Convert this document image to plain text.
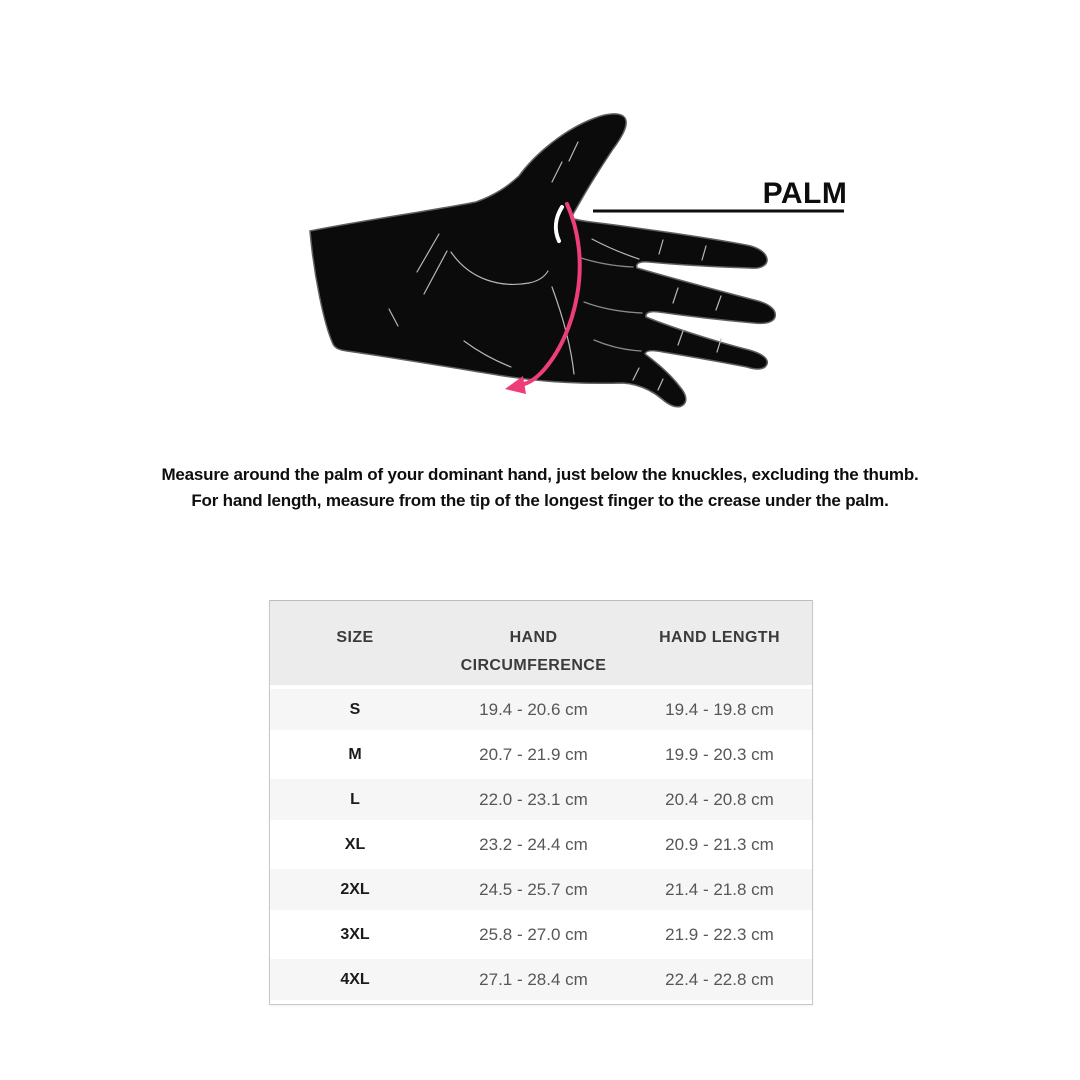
PALM
Measure around the palm of your dominant hand, just below the knuckles, excluding the thumb.
For hand length, measure from the tip of the longest finger to the crease under the palm.
SIZE	HAND CIRCUMFERENCE	HAND LENGTH
S	19.4 - 20.6 cm	19.4 - 19.8 cm
M	20.7 - 21.9 cm	19.9 - 20.3 cm
L	22.0 - 23.1 cm	20.4 - 20.8 cm
XL	23.2 - 24.4 cm	20.9 - 21.3 cm
2XL	24.5 - 25.7 cm	21.4 - 21.8 cm
3XL	25.8 - 27.0 cm	21.9 - 22.3 cm
4XL	27.1 - 28.4 cm	22.4 - 22.8 cm
